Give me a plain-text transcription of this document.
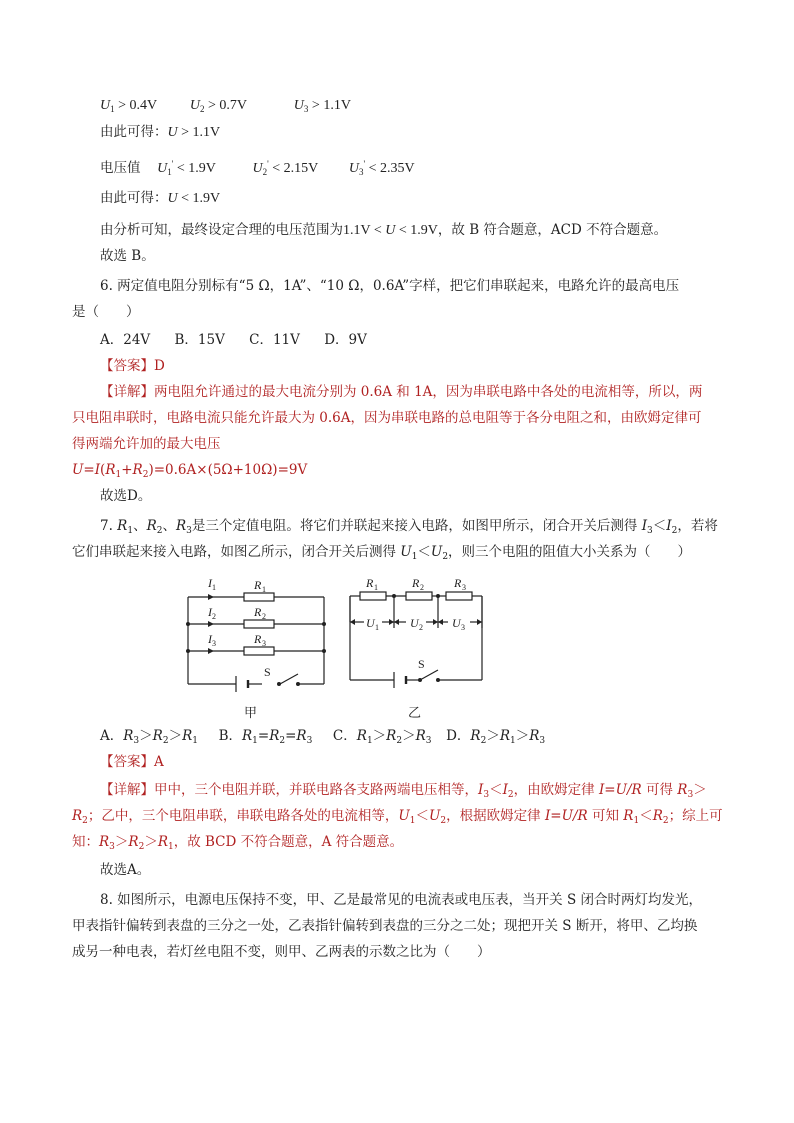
$U_1 > 0.4V$ $U_2 > 0.7V$	$U_3 > 1.1V$
由此可得：U > 1.1V
电压值 $U_1' < 1.9V$	$U_2' < 2.15V$ $U_3' < 2.35V$
由此可得：U < 1.9V
由分析可知，最终设定合理的电压范围为1.1V < U < 1.9V，故 B 符合题意，ACD 不符合题意。
故选 B。
6. 两定值电阻分别标有“5 Ω，1A”、“10 Ω，0.6A”字样，把它们串联起来，电路允许的最高电压
是（　　）
A．24V B．15V C．11V D．9V
【答案】D
【详解】两电阻允许通过的最大电流分别为 0.6A 和 1A，因为串联电路中各处的电流相等，所以，两
只电阻串联时，电路电流只能允许最大为 0.6A，因为串联电路的总电阻等于各分电阻之和，由欧姆定律可
得两端允许加的最大电压
$U=I(R_1+R_2)=0.6A\times(5\Omega+10\Omega)=9V$
故选D。
7. $R_1$、$R_2$、$R_3$是三个定值电阻。将它们并联起来接入电路，如图甲所示，闭合开关后测得 $I_3<I_2$，若将
它们串联起来接入电路，如图乙所示，闭合开关后测得 $U_1<U_2$，则三个电阻的阻值大小关系为（　　）
I 1
I 2
I 3
R 1
R 2
R 3
S
甲
R 1	R 2	R 3
U 1	U 2 U 3
S
乙
A．$R_3>R_2>R_1$ B．$R_1=R_2=R_3$ C．$R_1>R_2>R_3$ D．$R_2>R_1>R_3$
【答案】A
【详解】甲中，三个电阻并联，并联电路各支路两端电压相等，$I_3<I_2$，由欧姆定律 I=U/R 可得 $R_3>$
$R_2$；乙中，三个电阻串联，串联电路各处的电流相等，$U_1<U_2$，根据欧姆定律 I=U/R 可知 $R_1<R_2$；综上可
知：$R_3>R_2>R_1$，故 BCD 不符合题意，A 符合题意。
故选A。
8. 如图所示，电源电压保持不变，甲、乙是最常见的电流表或电压表，当开关 S 闭合时两灯均发光，
甲表指针偏转到表盘的三分之一处，乙表指针偏转到表盘的三分之二处；现把开关 S 断开，将甲、乙均换
成另一种电表，若灯丝电阻不变，则甲、乙两表的示数之比为（　　）
